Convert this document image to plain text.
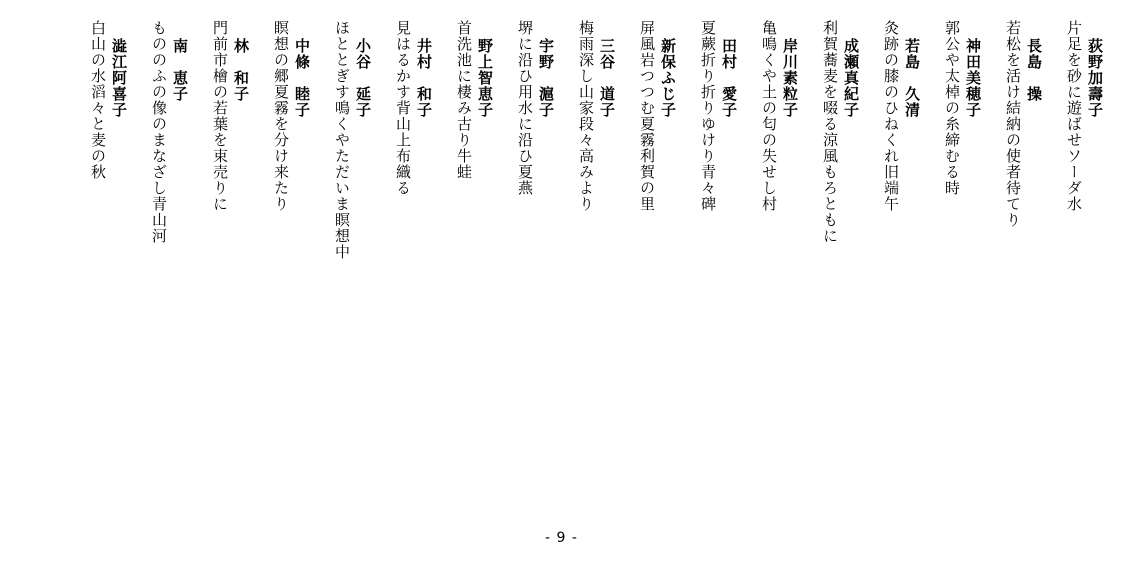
荻野加壽子
片足を砂に遊ばせソーダ水
長島　操
若松を活け結納の使者待てり
神田美穂子
郭公や太棹の糸締むる時
若島　久清
灸跡の膝のひねくれ旧端午
成瀬真紀子
利賀蕎麦を啜る涼風もろともに
岸川素粒子
亀鳴くや土の匂の失せし村
田村　愛子
夏蕨折り折りゆけり青々碑
新保ふじ子
屏風岩つつむ夏霧利賀の里
三谷　道子
梅雨深し山家段々高みより
宇野　滬子
堺に沿ひ用水に沿ひ夏燕
野上智恵子
首洗池に棲み古り牛蛙
井村　和子
見はるかす背山上布織る
小谷　延子
ほととぎす鳴くやただいま瞑想中
中條　睦子
瞑想の郷夏霧を分け来たり
林　和子
門前市檜の若葉を束売りに
南　恵子
もののふの像のまなざし青山河
澁江阿喜子
白山の水滔々と麦の秋
- 9 -
